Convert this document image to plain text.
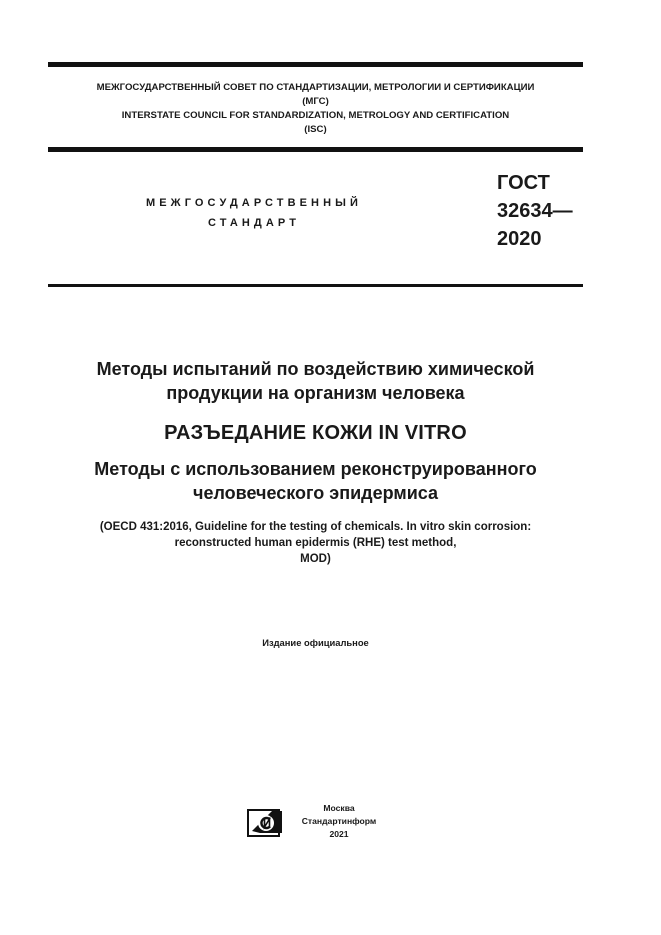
МЕЖГОСУДАРСТВЕННЫЙ СОВЕТ ПО СТАНДАРТИЗАЦИИ, МЕТРОЛОГИИ И СЕРТИФИКАЦИИ
(МГС)
INTERSTATE COUNCIL FOR STANDARDIZATION, METROLOGY AND CERTIFICATION
(ISC)
МЕЖГОСУДАРСТВЕННЫЙ
СТАНДАРТ
ГОСТ
32634—
2020
Методы испытаний по воздействию химической
продукции на организм человека
РАЗЪЕДАНИЕ КОЖИ IN VITRO
Методы с использованием реконструированного
человеческого эпидермиса
(OECD 431:2016, Guideline for the testing of chemicals. In vitro skin corrosion:
reconstructed human epidermis (RHE) test method,
MOD)
Издание официальное
Москва
Стандартинформ
2021
